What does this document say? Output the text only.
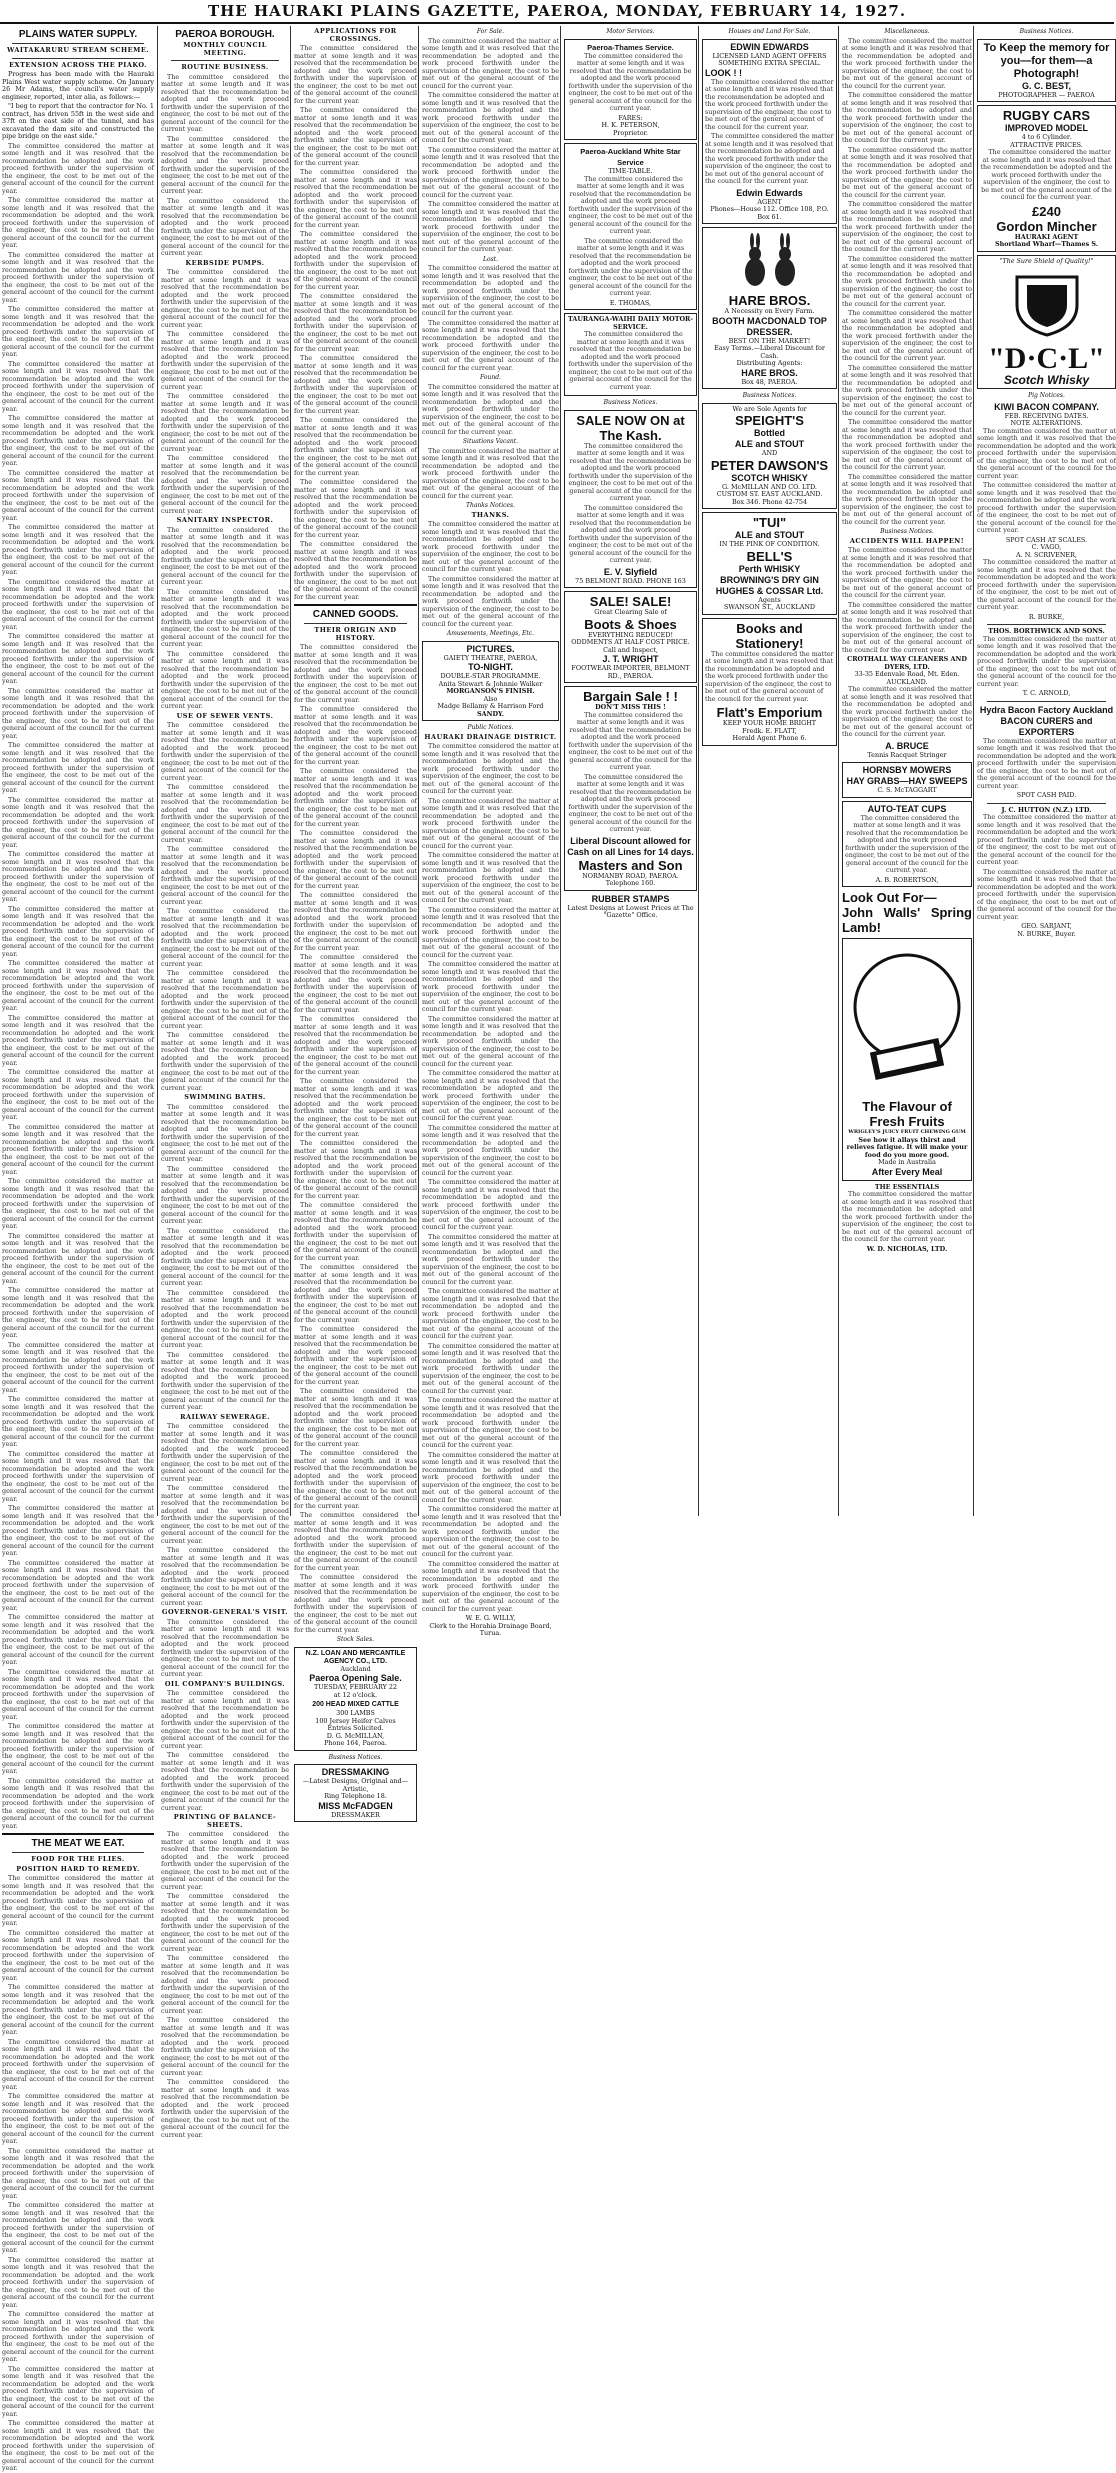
THE HAURAKI PLAINS GAZETTE, PAEROA, MONDAY, FEBRUARY 14, 1927.
PLAINS WATER SUPPLY.
WAITAKARURU STREAM SCHEME.
EXTENSION ACROSS THE PIAKO.

Progress has been made with the Hauraki Plains West water supply scheme. On January 26 Mr Adams, the council's water supply engineer, reported, inter alia, as follows:—

"I beg to report that the contractor for No. 1 contract, has driven 55ft in the west side and 37ft on the east side of the tunnel, and has excavated the dam site and constructed the pipe bridge on the east side."

The committee considered the matter at some length and it was resolved that the recommendation be adopted and the work proceed forthwith under the supervision of the engineer, the cost to be met out of the general account of the council for the current year.

The committee considered the matter at some length and it was resolved that the recommendation be adopted and the work proceed forthwith under the supervision of the engineer, the cost to be met out of the general account of the council for the current year.

The committee considered the matter at some length and it was resolved that the recommendation be adopted and the work proceed forthwith under the supervision of the engineer, the cost to be met out of the general account of the council for the current year.

The committee considered the matter at some length and it was resolved that the recommendation be adopted and the work proceed forthwith under the supervision of the engineer, the cost to be met out of the general account of the council for the current year.

The committee considered the matter at some length and it was resolved that the recommendation be adopted and the work proceed forthwith under the supervision of the engineer, the cost to be met out of the general account of the council for the current year.

The committee considered the matter at some length and it was resolved that the recommendation be adopted and the work proceed forthwith under the supervision of the engineer, the cost to be met out of the general account of the council for the current year.

The committee considered the matter at some length and it was resolved that the recommendation be adopted and the work proceed forthwith under the supervision of the engineer, the cost to be met out of the general account of the council for the current year.

The committee considered the matter at some length and it was resolved that the recommendation be adopted and the work proceed forthwith under the supervision of the engineer, the cost to be met out of the general account of the council for the current year.

The committee considered the matter at some length and it was resolved that the recommendation be adopted and the work proceed forthwith under the supervision of the engineer, the cost to be met out of the general account of the council for the current year.

The committee considered the matter at some length and it was resolved that the recommendation be adopted and the work proceed forthwith under the supervision of the engineer, the cost to be met out of the general account of the council for the current year.

The committee considered the matter at some length and it was resolved that the recommendation be adopted and the work proceed forthwith under the supervision of the engineer, the cost to be met out of the general account of the council for the current year.

The committee considered the matter at some length and it was resolved that the recommendation be adopted and the work proceed forthwith under the supervision of the engineer, the cost to be met out of the general account of the council for the current year.

The committee considered the matter at some length and it was resolved that the recommendation be adopted and the work proceed forthwith under the supervision of the engineer, the cost to be met out of the general account of the council for the current year.

The committee considered the matter at some length and it was resolved that the recommendation be adopted and the work proceed forthwith under the supervision of the engineer, the cost to be met out of the general account of the council for the current year.

The committee considered the matter at some length and it was resolved that the recommendation be adopted and the work proceed forthwith under the supervision of the engineer, the cost to be met out of the general account of the council for the current year.

The committee considered the matter at some length and it was resolved that the recommendation be adopted and the work proceed forthwith under the supervision of the engineer, the cost to be met out of the general account of the council for the current year.

The committee considered the matter at some length and it was resolved that the recommendation be adopted and the work proceed forthwith under the supervision of the engineer, the cost to be met out of the general account of the council for the current year.

The committee considered the matter at some length and it was resolved that the recommendation be adopted and the work proceed forthwith under the supervision of the engineer, the cost to be met out of the general account of the council for the current year.

The committee considered the matter at some length and it was resolved that the recommendation be adopted and the work proceed forthwith under the supervision of the engineer, the cost to be met out of the general account of the council for the current year.

The committee considered the matter at some length and it was resolved that the recommendation be adopted and the work proceed forthwith under the supervision of the engineer, the cost to be met out of the general account of the council for the current year.

The committee considered the matter at some length and it was resolved that the recommendation be adopted and the work proceed forthwith under the supervision of the engineer, the cost to be met out of the general account of the council for the current year.

The committee considered the matter at some length and it was resolved that the recommendation be adopted and the work proceed forthwith under the supervision of the engineer, the cost to be met out of the general account of the council for the current year.

The committee considered the matter at some length and it was resolved that the recommendation be adopted and the work proceed forthwith under the supervision of the engineer, the cost to be met out of the general account of the council for the current year.

The committee considered the matter at some length and it was resolved that the recommendation be adopted and the work proceed forthwith under the supervision of the engineer, the cost to be met out of the general account of the council for the current year.

The committee considered the matter at some length and it was resolved that the recommendation be adopted and the work proceed forthwith under the supervision of the engineer, the cost to be met out of the general account of the council for the current year.

The committee considered the matter at some length and it was resolved that the recommendation be adopted and the work proceed forthwith under the supervision of the engineer, the cost to be met out of the general account of the council for the current year.

The committee considered the matter at some length and it was resolved that the recommendation be adopted and the work proceed forthwith under the supervision of the engineer, the cost to be met out of the general account of the council for the current year.

The committee considered the matter at some length and it was resolved that the recommendation be adopted and the work proceed forthwith under the supervision of the engineer, the cost to be met out of the general account of the council for the current year.

The committee considered the matter at some length and it was resolved that the recommendation be adopted and the work proceed forthwith under the supervision of the engineer, the cost to be met out of the general account of the council for the current year.

The committee considered the matter at some length and it was resolved that the recommendation be adopted and the work proceed forthwith under the supervision of the engineer, the cost to be met out of the general account of the council for the current year.

The committee considered the matter at some length and it was resolved that the recommendation be adopted and the work proceed forthwith under the supervision of the engineer, the cost to be met out of the general account of the council for the current year.

THE MEAT WE EAT.
FOOD FOR THE FLIES.
POSITION HARD TO REMEDY.

The committee considered the matter at some length and it was resolved that the recommendation be adopted and the work proceed forthwith under the supervision of the engineer, the cost to be met out of the general account of the council for the current year.

The committee considered the matter at some length and it was resolved that the recommendation be adopted and the work proceed forthwith under the supervision of the engineer, the cost to be met out of the general account of the council for the current year.

The committee considered the matter at some length and it was resolved that the recommendation be adopted and the work proceed forthwith under the supervision of the engineer, the cost to be met out of the general account of the council for the current year.

The committee considered the matter at some length and it was resolved that the recommendation be adopted and the work proceed forthwith under the supervision of the engineer, the cost to be met out of the general account of the council for the current year.

The committee considered the matter at some length and it was resolved that the recommendation be adopted and the work proceed forthwith under the supervision of the engineer, the cost to be met out of the general account of the council for the current year.

The committee considered the matter at some length and it was resolved that the recommendation be adopted and the work proceed forthwith under the supervision of the engineer, the cost to be met out of the general account of the council for the current year.

The committee considered the matter at some length and it was resolved that the recommendation be adopted and the work proceed forthwith under the supervision of the engineer, the cost to be met out of the general account of the council for the current year.

The committee considered the matter at some length and it was resolved that the recommendation be adopted and the work proceed forthwith under the supervision of the engineer, the cost to be met out of the general account of the council for the current year.

The committee considered the matter at some length and it was resolved that the recommendation be adopted and the work proceed forthwith under the supervision of the engineer, the cost to be met out of the general account of the council for the current year.

The committee considered the matter at some length and it was resolved that the recommendation be adopted and the work proceed forthwith under the supervision of the engineer, the cost to be met out of the general account of the council for the current year.

The committee considered the matter at some length and it was resolved that the recommendation be adopted and the work proceed forthwith under the supervision of the engineer, the cost to be met out of the general account of the council for the current year.

PAEROA BOROUGH.
MONTHLY COUNCIL MEETING.
ROUTINE BUSINESS.

The committee considered the matter at some length and it was resolved that the recommendation be adopted and the work proceed forthwith under the supervision of the engineer, the cost to be met out of the general account of the council for the current year.

The committee considered the matter at some length and it was resolved that the recommendation be adopted and the work proceed forthwith under the supervision of the engineer, the cost to be met out of the general account of the council for the current year.

The committee considered the matter at some length and it was resolved that the recommendation be adopted and the work proceed forthwith under the supervision of the engineer, the cost to be met out of the general account of the council for the current year.

KERBSIDE PUMPS.

The committee considered the matter at some length and it was resolved that the recommendation be adopted and the work proceed forthwith under the supervision of the engineer, the cost to be met out of the general account of the council for the current year.

The committee considered the matter at some length and it was resolved that the recommendation be adopted and the work proceed forthwith under the supervision of the engineer, the cost to be met out of the general account of the council for the current year.

The committee considered the matter at some length and it was resolved that the recommendation be adopted and the work proceed forthwith under the supervision of the engineer, the cost to be met out of the general account of the council for the current year.

The committee considered the matter at some length and it was resolved that the recommendation be adopted and the work proceed forthwith under the supervision of the engineer, the cost to be met out of the general account of the council for the current year.

SANITARY INSPECTOR.

The committee considered the matter at some length and it was resolved that the recommendation be adopted and the work proceed forthwith under the supervision of the engineer, the cost to be met out of the general account of the council for the current year.

The committee considered the matter at some length and it was resolved that the recommendation be adopted and the work proceed forthwith under the supervision of the engineer, the cost to be met out of the general account of the council for the current year.

The committee considered the matter at some length and it was resolved that the recommendation be adopted and the work proceed forthwith under the supervision of the engineer, the cost to be met out of the general account of the council for the current year.

USE OF SEWER VENTS.

The committee considered the matter at some length and it was resolved that the recommendation be adopted and the work proceed forthwith under the supervision of the engineer, the cost to be met out of the general account of the council for the current year.

The committee considered the matter at some length and it was resolved that the recommendation be adopted and the work proceed forthwith under the supervision of the engineer, the cost to be met out of the general account of the council for the current year.

The committee considered the matter at some length and it was resolved that the recommendation be adopted and the work proceed forthwith under the supervision of the engineer, the cost to be met out of the general account of the council for the current year.

The committee considered the matter at some length and it was resolved that the recommendation be adopted and the work proceed forthwith under the supervision of the engineer, the cost to be met out of the general account of the council for the current year.

The committee considered the matter at some length and it was resolved that the recommendation be adopted and the work proceed forthwith under the supervision of the engineer, the cost to be met out of the general account of the council for the current year.

The committee considered the matter at some length and it was resolved that the recommendation be adopted and the work proceed forthwith under the supervision of the engineer, the cost to be met out of the general account of the council for the current year.

SWIMMING BATHS.

The committee considered the matter at some length and it was resolved that the recommendation be adopted and the work proceed forthwith under the supervision of the engineer, the cost to be met out of the general account of the council for the current year.

The committee considered the matter at some length and it was resolved that the recommendation be adopted and the work proceed forthwith under the supervision of the engineer, the cost to be met out of the general account of the council for the current year.

The committee considered the matter at some length and it was resolved that the recommendation be adopted and the work proceed forthwith under the supervision of the engineer, the cost to be met out of the general account of the council for the current year.

The committee considered the matter at some length and it was resolved that the recommendation be adopted and the work proceed forthwith under the supervision of the engineer, the cost to be met out of the general account of the council for the current year.

The committee considered the matter at some length and it was resolved that the recommendation be adopted and the work proceed forthwith under the supervision of the engineer, the cost to be met out of the general account of the council for the current year.

RAILWAY SEWERAGE.

The committee considered the matter at some length and it was resolved that the recommendation be adopted and the work proceed forthwith under the supervision of the engineer, the cost to be met out of the general account of the council for the current year.

The committee considered the matter at some length and it was resolved that the recommendation be adopted and the work proceed forthwith under the supervision of the engineer, the cost to be met out of the general account of the council for the current year.

The committee considered the matter at some length and it was resolved that the recommendation be adopted and the work proceed forthwith under the supervision of the engineer, the cost to be met out of the general account of the council for the current year.

GOVERNOR-GENERAL'S VISIT.

The committee considered the matter at some length and it was resolved that the recommendation be adopted and the work proceed forthwith under the supervision of the engineer, the cost to be met out of the general account of the council for the current year.

OIL COMPANY'S BUILDINGS.

The committee considered the matter at some length and it was resolved that the recommendation be adopted and the work proceed forthwith under the supervision of the engineer, the cost to be met out of the general account of the council for the current year.

The committee considered the matter at some length and it was resolved that the recommendation be adopted and the work proceed forthwith under the supervision of the engineer, the cost to be met out of the general account of the council for the current year.

PRINTING OF BALANCE-SHEETS.

The committee considered the matter at some length and it was resolved that the recommendation be adopted and the work proceed forthwith under the supervision of the engineer, the cost to be met out of the general account of the council for the current year.

The committee considered the matter at some length and it was resolved that the recommendation be adopted and the work proceed forthwith under the supervision of the engineer, the cost to be met out of the general account of the council for the current year.

The committee considered the matter at some length and it was resolved that the recommendation be adopted and the work proceed forthwith under the supervision of the engineer, the cost to be met out of the general account of the council for the current year.

The committee considered the matter at some length and it was resolved that the recommendation be adopted and the work proceed forthwith under the supervision of the engineer, the cost to be met out of the general account of the council for the current year.

The committee considered the matter at some length and it was resolved that the recommendation be adopted and the work proceed forthwith under the supervision of the engineer, the cost to be met out of the general account of the council for the current year.

APPLICATIONS FOR CROSSINGS.

The committee considered the matter at some length and it was resolved that the recommendation be adopted and the work proceed forthwith under the supervision of the engineer, the cost to be met out of the general account of the council for the current year.

The committee considered the matter at some length and it was resolved that the recommendation be adopted and the work proceed forthwith under the supervision of the engineer, the cost to be met out of the general account of the council for the current year.

The committee considered the matter at some length and it was resolved that the recommendation be adopted and the work proceed forthwith under the supervision of the engineer, the cost to be met out of the general account of the council for the current year.

The committee considered the matter at some length and it was resolved that the recommendation be adopted and the work proceed forthwith under the supervision of the engineer, the cost to be met out of the general account of the council for the current year.

The committee considered the matter at some length and it was resolved that the recommendation be adopted and the work proceed forthwith under the supervision of the engineer, the cost to be met out of the general account of the council for the current year.

The committee considered the matter at some length and it was resolved that the recommendation be adopted and the work proceed forthwith under the supervision of the engineer, the cost to be met out of the general account of the council for the current year.

The committee considered the matter at some length and it was resolved that the recommendation be adopted and the work proceed forthwith under the supervision of the engineer, the cost to be met out of the general account of the council for the current year.

The committee considered the matter at some length and it was resolved that the recommendation be adopted and the work proceed forthwith under the supervision of the engineer, the cost to be met out of the general account of the council for the current year.

The committee considered the matter at some length and it was resolved that the recommendation be adopted and the work proceed forthwith under the supervision of the engineer, the cost to be met out of the general account of the council for the current year.

CANNED GOODS.
THEIR ORIGIN AND HISTORY.

The committee considered the matter at some length and it was resolved that the recommendation be adopted and the work proceed forthwith under the supervision of the engineer, the cost to be met out of the general account of the council for the current year.

The committee considered the matter at some length and it was resolved that the recommendation be adopted and the work proceed forthwith under the supervision of the engineer, the cost to be met out of the general account of the council for the current year.

The committee considered the matter at some length and it was resolved that the recommendation be adopted and the work proceed forthwith under the supervision of the engineer, the cost to be met out of the general account of the council for the current year.

The committee considered the matter at some length and it was resolved that the recommendation be adopted and the work proceed forthwith under the supervision of the engineer, the cost to be met out of the general account of the council for the current year.

The committee considered the matter at some length and it was resolved that the recommendation be adopted and the work proceed forthwith under the supervision of the engineer, the cost to be met out of the general account of the council for the current year.

The committee considered the matter at some length and it was resolved that the recommendation be adopted and the work proceed forthwith under the supervision of the engineer, the cost to be met out of the general account of the council for the current year.

The committee considered the matter at some length and it was resolved that the recommendation be adopted and the work proceed forthwith under the supervision of the engineer, the cost to be met out of the general account of the council for the current year.

The committee considered the matter at some length and it was resolved that the recommendation be adopted and the work proceed forthwith under the supervision of the engineer, the cost to be met out of the general account of the council for the current year.

The committee considered the matter at some length and it was resolved that the recommendation be adopted and the work proceed forthwith under the supervision of the engineer, the cost to be met out of the general account of the council for the current year.

The committee considered the matter at some length and it was resolved that the recommendation be adopted and the work proceed forthwith under the supervision of the engineer, the cost to be met out of the general account of the council for the current year.

The committee considered the matter at some length and it was resolved that the recommendation be adopted and the work proceed forthwith under the supervision of the engineer, the cost to be met out of the general account of the council for the current year.

The committee considered the matter at some length and it was resolved that the recommendation be adopted and the work proceed forthwith under the supervision of the engineer, the cost to be met out of the general account of the council for the current year.

The committee considered the matter at some length and it was resolved that the recommendation be adopted and the work proceed forthwith under the supervision of the engineer, the cost to be met out of the general account of the council for the current year.

The committee considered the matter at some length and it was resolved that the recommendation be adopted and the work proceed forthwith under the supervision of the engineer, the cost to be met out of the general account of the council for the current year.

The committee considered the matter at some length and it was resolved that the recommendation be adopted and the work proceed forthwith under the supervision of the engineer, the cost to be met out of the general account of the council for the current year.

The committee considered the matter at some length and it was resolved that the recommendation be adopted and the work proceed forthwith under the supervision of the engineer, the cost to be met out of the general account of the council for the current year.

Stock Sales.
N.Z. LOAN AND MERCANTILE AGENCY CO., LTD.
Auckland
Paeroa Opening Sale.
TUESDAY, FEBRUARY 22
at 12 o'clock.
200 HEAD MIXED CATTLE
300 LAMBS
100 Jersey Heifer Calves
Entries Solicited.
D. G. McMILLAN,
Phone 164, Paeroa.
Business Notices.
DRESSMAKING
—Latest Designs, Original and—Artistic,
Ring Telephone 18.
MISS McFADGEN
DRESSMAKER
For Sale.

The committee considered the matter at some length and it was resolved that the recommendation be adopted and the work proceed forthwith under the supervision of the engineer, the cost to be met out of the general account of the council for the current year.

The committee considered the matter at some length and it was resolved that the recommendation be adopted and the work proceed forthwith under the supervision of the engineer, the cost to be met out of the general account of the council for the current year.

The committee considered the matter at some length and it was resolved that the recommendation be adopted and the work proceed forthwith under the supervision of the engineer, the cost to be met out of the general account of the council for the current year.

The committee considered the matter at some length and it was resolved that the recommendation be adopted and the work proceed forthwith under the supervision of the engineer, the cost to be met out of the general account of the council for the current year.

Lost.

The committee considered the matter at some length and it was resolved that the recommendation be adopted and the work proceed forthwith under the supervision of the engineer, the cost to be met out of the general account of the council for the current year.

The committee considered the matter at some length and it was resolved that the recommendation be adopted and the work proceed forthwith under the supervision of the engineer, the cost to be met out of the general account of the council for the current year.

Found.

The committee considered the matter at some length and it was resolved that the recommendation be adopted and the work proceed forthwith under the supervision of the engineer, the cost to be met out of the general account of the council for the current year.

Situations Vacant.

The committee considered the matter at some length and it was resolved that the recommendation be adopted and the work proceed forthwith under the supervision of the engineer, the cost to be met out of the general account of the council for the current year.

Thanks Notices.
THANKS.

The committee considered the matter at some length and it was resolved that the recommendation be adopted and the work proceed forthwith under the supervision of the engineer, the cost to be met out of the general account of the council for the current year.

The committee considered the matter at some length and it was resolved that the recommendation be adopted and the work proceed forthwith under the supervision of the engineer, the cost to be met out of the general account of the council for the current year.

Amusements, Meetings, Etc.
PICTURES.
GAIETY THEATRE, PAEROA,
TO-NIGHT.
DOUBLE-STAR PROGRAMME.
Anita Stewart & Johnnie Walker
MORGANSON'S FINISH.
Also
Madge Bellamy & Harrison Ford
SANDY.
Public Notices.
HAURAKI DRAINAGE DISTRICT.

The committee considered the matter at some length and it was resolved that the recommendation be adopted and the work proceed forthwith under the supervision of the engineer, the cost to be met out of the general account of the council for the current year.

The committee considered the matter at some length and it was resolved that the recommendation be adopted and the work proceed forthwith under the supervision of the engineer, the cost to be met out of the general account of the council for the current year.

The committee considered the matter at some length and it was resolved that the recommendation be adopted and the work proceed forthwith under the supervision of the engineer, the cost to be met out of the general account of the council for the current year.

The committee considered the matter at some length and it was resolved that the recommendation be adopted and the work proceed forthwith under the supervision of the engineer, the cost to be met out of the general account of the council for the current year.

The committee considered the matter at some length and it was resolved that the recommendation be adopted and the work proceed forthwith under the supervision of the engineer, the cost to be met out of the general account of the council for the current year.

The committee considered the matter at some length and it was resolved that the recommendation be adopted and the work proceed forthwith under the supervision of the engineer, the cost to be met out of the general account of the council for the current year.

The committee considered the matter at some length and it was resolved that the recommendation be adopted and the work proceed forthwith under the supervision of the engineer, the cost to be met out of the general account of the council for the current year.

The committee considered the matter at some length and it was resolved that the recommendation be adopted and the work proceed forthwith under the supervision of the engineer, the cost to be met out of the general account of the council for the current year.

The committee considered the matter at some length and it was resolved that the recommendation be adopted and the work proceed forthwith under the supervision of the engineer, the cost to be met out of the general account of the council for the current year.

The committee considered the matter at some length and it was resolved that the recommendation be adopted and the work proceed forthwith under the supervision of the engineer, the cost to be met out of the general account of the council for the current year.

The committee considered the matter at some length and it was resolved that the recommendation be adopted and the work proceed forthwith under the supervision of the engineer, the cost to be met out of the general account of the council for the current year.

The committee considered the matter at some length and it was resolved that the recommendation be adopted and the work proceed forthwith under the supervision of the engineer, the cost to be met out of the general account of the council for the current year.

The committee considered the matter at some length and it was resolved that the recommendation be adopted and the work proceed forthwith under the supervision of the engineer, the cost to be met out of the general account of the council for the current year.

The committee considered the matter at some length and it was resolved that the recommendation be adopted and the work proceed forthwith under the supervision of the engineer, the cost to be met out of the general account of the council for the current year.

The committee considered the matter at some length and it was resolved that the recommendation be adopted and the work proceed forthwith under the supervision of the engineer, the cost to be met out of the general account of the council for the current year.

The committee considered the matter at some length and it was resolved that the recommendation be adopted and the work proceed forthwith under the supervision of the engineer, the cost to be met out of the general account of the council for the current year.

W. E. G. WILLY,
Clerk to the Horahia Drainage Board, Turua.
Motor Services.
Paeroa-Thames Service.

The committee considered the matter at some length and it was resolved that the recommendation be adopted and the work proceed forthwith under the supervision of the engineer, the cost to be met out of the general account of the council for the current year.

FARES:
H. K. PETERSON,
Proprietor.
Paeroa-Auckland White Star Service
TIME-TABLE.

The committee considered the matter at some length and it was resolved that the recommendation be adopted and the work proceed forthwith under the supervision of the engineer, the cost to be met out of the general account of the council for the current year.

The committee considered the matter at some length and it was resolved that the recommendation be adopted and the work proceed forthwith under the supervision of the engineer, the cost to be met out of the general account of the council for the current year.

E. THOMAS,
TAURANGA-WAIHI DAILY MOTOR-SERVICE.

The committee considered the matter at some length and it was resolved that the recommendation be adopted and the work proceed forthwith under the supervision of the engineer, the cost to be met out of the general account of the council for the current year.

Business Notices.
SALE NOW ON at The Kash.

The committee considered the matter at some length and it was resolved that the recommendation be adopted and the work proceed forthwith under the supervision of the engineer, the cost to be met out of the general account of the council for the current year.

The committee considered the matter at some length and it was resolved that the recommendation be adopted and the work proceed forthwith under the supervision of the engineer, the cost to be met out of the general account of the council for the current year.

E. V. Slyfield
75 BELMONT ROAD. PHONE 163
SALE! SALE!
Great Clearing Sale of
Boots & Shoes
EVERYTHING REDUCED!
ODDMENTS AT HALF COST PRICE.
Call and Inspect,
J. T. WRIGHT
FOOTWEAR IMPORTER, BELMONT RD., PAEROA.
Bargain Sale ! !
DON'T MISS THIS !

The committee considered the matter at some length and it was resolved that the recommendation be adopted and the work proceed forthwith under the supervision of the engineer, the cost to be met out of the general account of the council for the current year.

The committee considered the matter at some length and it was resolved that the recommendation be adopted and the work proceed forthwith under the supervision of the engineer, the cost to be met out of the general account of the council for the current year.

Liberal Discount allowed for Cash on all Lines for 14 days.
Masters and Son
NORMANBY ROAD, PAEROA. Telephone 160.
RUBBER STAMPS
Latest Designs at Lowest Prices at The "Gazette" Office.
Houses and Land For Sale.
EDWIN EDWARDS
LICENSED LAND AGENT OFFERS SOMETHING EXTRA SPECIAL.
LOOK ! !

The committee considered the matter at some length and it was resolved that the recommendation be adopted and the work proceed forthwith under the supervision of the engineer, the cost to be met out of the general account of the council for the current year.

The committee considered the matter at some length and it was resolved that the recommendation be adopted and the work proceed forthwith under the supervision of the engineer, the cost to be met out of the general account of the council for the current year.

Edwin Edwards
AGENT
Phones—House 112. Office 108, P.O. Box 61.
HARE BROS.
A Necessity on Every Farm.
BOOTH MACDONALD TOP DRESSER.
BEST ON THE MARKET!
Easy Terms.—Liberal Discount for Cash.
Distributing Agents:
HARE BROS.
Box 48, PAEROA.
Business Notices.
We are Sole Agents for
SPEIGHT'S
Bottled
ALE and STOUT
AND
PETER DAWSON'S
SCOTCH WHISKY
G. McMILLAN AND CO. LTD.
CUSTOM ST. EAST AUCKLAND.
Box 346. Phone 42-754
"TUI"
ALE and STOUT
IN THE PINK OF CONDITION.
BELL'S
Perth WHISKY
BROWNING'S DRY GIN
HUGHES & COSSAR Ltd.
Agents
SWANSON ST., AUCKLAND
Books and Stationery!

The committee considered the matter at some length and it was resolved that the recommendation be adopted and the work proceed forthwith under the supervision of the engineer, the cost to be met out of the general account of the council for the current year.

Flatt's Emporium
KEEP YOUR HOME BRIGHT
Fredk. E. FLATT,
Herald Agent Phone 6.
Miscellaneous.

The committee considered the matter at some length and it was resolved that the recommendation be adopted and the work proceed forthwith under the supervision of the engineer, the cost to be met out of the general account of the council for the current year.

The committee considered the matter at some length and it was resolved that the recommendation be adopted and the work proceed forthwith under the supervision of the engineer, the cost to be met out of the general account of the council for the current year.

The committee considered the matter at some length and it was resolved that the recommendation be adopted and the work proceed forthwith under the supervision of the engineer, the cost to be met out of the general account of the council for the current year.

The committee considered the matter at some length and it was resolved that the recommendation be adopted and the work proceed forthwith under the supervision of the engineer, the cost to be met out of the general account of the council for the current year.

The committee considered the matter at some length and it was resolved that the recommendation be adopted and the work proceed forthwith under the supervision of the engineer, the cost to be met out of the general account of the council for the current year.

The committee considered the matter at some length and it was resolved that the recommendation be adopted and the work proceed forthwith under the supervision of the engineer, the cost to be met out of the general account of the council for the current year.

The committee considered the matter at some length and it was resolved that the recommendation be adopted and the work proceed forthwith under the supervision of the engineer, the cost to be met out of the general account of the council for the current year.

The committee considered the matter at some length and it was resolved that the recommendation be adopted and the work proceed forthwith under the supervision of the engineer, the cost to be met out of the general account of the council for the current year.

The committee considered the matter at some length and it was resolved that the recommendation be adopted and the work proceed forthwith under the supervision of the engineer, the cost to be met out of the general account of the council for the current year.

Business Notices.
ACCIDENTS WILL HAPPEN!

The committee considered the matter at some length and it was resolved that the recommendation be adopted and the work proceed forthwith under the supervision of the engineer, the cost to be met out of the general account of the council for the current year.

The committee considered the matter at some length and it was resolved that the recommendation be adopted and the work proceed forthwith under the supervision of the engineer, the cost to be met out of the general account of the council for the current year.

CROTHALL WAY CLEANERS AND DYERS, LTD.
33-35 Edenvale Road, Mt. Eden. AUCKLAND.

The committee considered the matter at some length and it was resolved that the recommendation be adopted and the work proceed forthwith under the supervision of the engineer, the cost to be met out of the general account of the council for the current year.

A. BRUCE
Tennis Racquet Stringer
HORNSBY MOWERS
HAY GRABS—HAY SWEEPS
C. S. McTAGGART
AUTO-TEAT CUPS

The committee considered the matter at some length and it was resolved that the recommendation be adopted and the work proceed forthwith under the supervision of the engineer, the cost to be met out of the general account of the council for the current year.

A. B. ROBERTSON,
Look Out For—
John Walls' Spring Lamb!
The Flavour of Fresh Fruits
WRIGLEY'S JUICY FRUIT CHEWING GUM
See how it allays thirst and relieves fatigue. It will make your food do you more good.
Made in Australia
After Every Meal
THE ESSENTIALS

The committee considered the matter at some length and it was resolved that the recommendation be adopted and the work proceed forthwith under the supervision of the engineer, the cost to be met out of the general account of the council for the current year.

W. D. NICHOLAS, LTD.
Business Notices.
To Keep the memory for you—for them—a Photograph!
G. C. BEST,
PHOTOGRAPHER — PAEROA
RUGBY CARS
IMPROVED MODEL
4 to 6 Cylinder.
ATTRACTIVE PRICES.

The committee considered the matter at some length and it was resolved that the recommendation be adopted and the work proceed forthwith under the supervision of the engineer, the cost to be met out of the general account of the council for the current year.

£240
Gordon Mincher
HAURAKI AGENT
Shortland Wharf—Thames S.
"The Sure Shield of Quality!"
"D·C·L"
Scotch Whisky
Pig Notices.
KIWI BACON COMPANY.
FEB. RECEIVING DATES.
NOTE ALTERATIONS.

The committee considered the matter at some length and it was resolved that the recommendation be adopted and the work proceed forthwith under the supervision of the engineer, the cost to be met out of the general account of the council for the current year.

The committee considered the matter at some length and it was resolved that the recommendation be adopted and the work proceed forthwith under the supervision of the engineer, the cost to be met out of the general account of the council for the current year.

SPOT CASH AT SCALES.
C. VAGO,
A. N. SCRIVENER,

The committee considered the matter at some length and it was resolved that the recommendation be adopted and the work proceed forthwith under the supervision of the engineer, the cost to be met out of the general account of the council for the current year.

R. BURKE,
THOS. BORTHWICK AND SONS.

The committee considered the matter at some length and it was resolved that the recommendation be adopted and the work proceed forthwith under the supervision of the engineer, the cost to be met out of the general account of the council for the current year.

T. C. ARNOLD,
Hydra Bacon Factory Auckland
BACON CURERS and EXPORTERS

The committee considered the matter at some length and it was resolved that the recommendation be adopted and the work proceed forthwith under the supervision of the engineer, the cost to be met out of the general account of the council for the current year.

SPOT CASH PAID.
J. C. HUTTON (N.Z.) LTD.

The committee considered the matter at some length and it was resolved that the recommendation be adopted and the work proceed forthwith under the supervision of the engineer, the cost to be met out of the general account of the council for the current year.

The committee considered the matter at some length and it was resolved that the recommendation be adopted and the work proceed forthwith under the supervision of the engineer, the cost to be met out of the general account of the council for the current year.

GEO. SARJANT,
N. BURKE, Buyer.
